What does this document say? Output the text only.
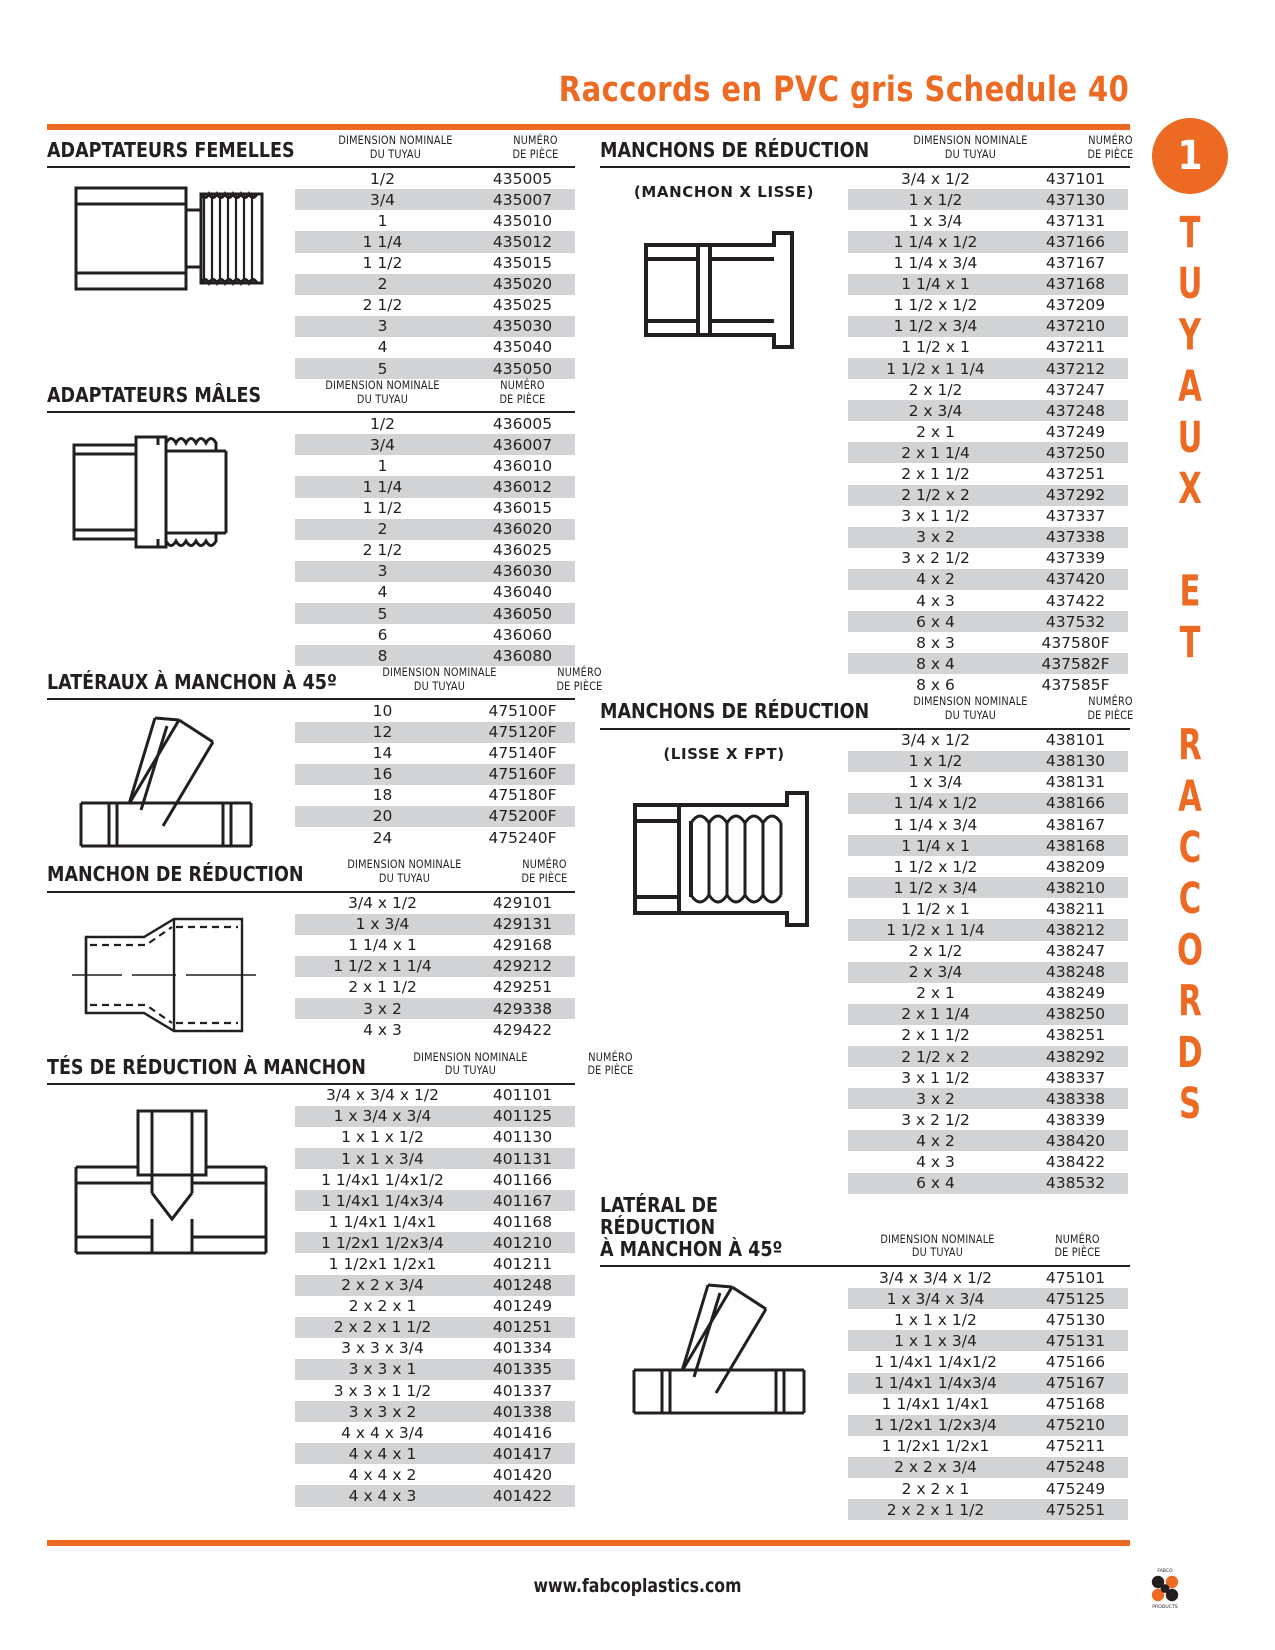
Raccords en PVC gris Schedule 40
1
TUYAUX ET RACCORDS
ADAPTATEURS FEMELLES	DIMENSION NOMINALE
DU TUYAU
NUMÉRO
DE PIÈCE
1/2	435005
3/4	435007
1	435010
1 1/4	435012
1 1/2	435015
2	435020
2 1/2	435025
3	435030
4	435040
5	435050
ADAPTATEURS MÂLES	DIMENSION NOMINALE
DU TUYAU
NUMÉRO
DE PIÈCE
1/2	436005
3/4	436007
1	436010
1 1/4	436012
1 1/2	436015
2	436020
2 1/2	436025
3	436030
4	436040
5	436050
6	436060
8	436080
LATÉRAUX À MANCHON À 45º	DIMENSION NOMINALE
DU TUYAU
NUMÉRO
DE PIÈCE
10	475100F
12	475120F
14	475140F
16	475160F
18	475180F
20	475200F
24	475240F
MANCHON DE RÉDUCTION	DIMENSION NOMINALE
DU TUYAU
NUMÉRO
DE PIÈCE
3/4 x 1/2	429101
1 x 3/4	429131
1 1/4 x 1	429168
1 1/2 x 1 1/4	429212
2 x 1 1/2	429251
3 x 2	429338
4 x 3	429422
TÉS DE RÉDUCTION À MANCHON	DIMENSION NOMINALE
DU TUYAU
NUMÉRO
DE PIÈCE
3/4 x 3/4 x 1/2	401101
1 x 3/4 x 3/4	401125
1 x 1 x 1/2	401130
1 x 1 x 3/4	401131
1 1/4x1 1/4x1/2	401166
1 1/4x1 1/4x3/4	401167
1 1/4x1 1/4x1	401168
1 1/2x1 1/2x3/4	401210
1 1/2x1 1/2x1	401211
2 x 2 x 3/4	401248
2 x 2 x 1	401249
2 x 2 x 1 1/2	401251
3 x 3 x 3/4	401334
3 x 3 x 1	401335
3 x 3 x 1 1/2	401337
3 x 3 x 2	401338
4 x 4 x 3/4	401416
4 x 4 x 1	401417
4 x 4 x 2	401420
4 x 4 x 3	401422
MANCHONS DE RÉDUCTION	DIMENSION NOMINALE
DU TUYAU
NUMÉRO
DE PIÈCE
(MANCHON X LISSE)
3/4 x 1/2	437101
1 x 1/2	437130
1 x 3/4	437131
1 1/4 x 1/2	437166
1 1/4 x 3/4	437167
1 1/4 x 1	437168
1 1/2 x 1/2	437209
1 1/2 x 3/4	437210
1 1/2 x 1	437211
1 1/2 x 1 1/4	437212
2 x 1/2	437247
2 x 3/4	437248
2 x 1	437249
2 x 1 1/4	437250
2 x 1 1/2	437251
2 1/2 x 2	437292
3 x 1 1/2	437337
3 x 2	437338
3 x 2 1/2	437339
4 x 2	437420
4 x 3	437422
6 x 4	437532
8 x 3	437580F
8 x 4	437582F
8 x 6	437585F
MANCHONS DE RÉDUCTION	DIMENSION NOMINALE
DU TUYAU
NUMÉRO
DE PIÈCE
(LISSE X FPT)
3/4 x 1/2	438101
1 x 1/2	438130
1 x 3/4	438131
1 1/4 x 1/2	438166
1 1/4 x 3/4	438167
1 1/4 x 1	438168
1 1/2 x 1/2	438209
1 1/2 x 3/4	438210
1 1/2 x 1	438211
1 1/2 x 1 1/4	438212
2 x 1/2	438247
2 x 3/4	438248
2 x 1	438249
2 x 1 1/4	438250
2 x 1 1/2	438251
2 1/2 x 2	438292
3 x 1 1/2	438337
3 x 2	438338
3 x 2 1/2	438339
4 x 2	438420
4 x 3	438422
6 x 4	438532
LATÉRAL DE RÉDUCTION
À MANCHON À 45º	DIMENSION NOMINALE
DU TUYAU
NUMÉRO
DE PIÈCE
3/4 x 3/4 x 1/2	475101
1 x 3/4 x 3/4	475125
1 x 1 x 1/2	475130
1 x 1 x 3/4	475131
1 1/4x1 1/4x1/2	475166
1 1/4x1 1/4x3/4	475167
1 1/4x1 1/4x1	475168
1 1/2x1 1/2x3/4	475210
1 1/2x1 1/2x1	475211
2 x 2 x 3/4	475248
2 x 2 x 1	475249
2 x 2 x 1 1/2	475251
www.fabcoplastics.com
FABCO
PRODUCTS
